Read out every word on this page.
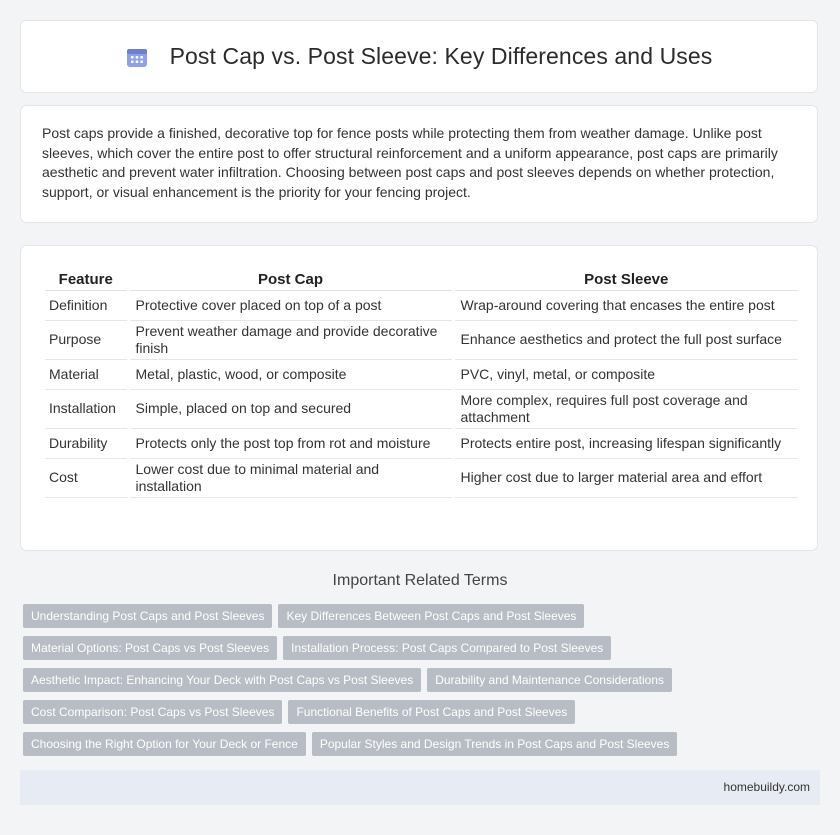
Post Cap vs. Post Sleeve: Key Differences and Uses

Post caps provide a finished, decorative top for fence posts while protecting them from weather damage. Unlike post sleeves, which cover the entire post to offer structural reinforcement and a uniform appearance, post caps are primarily aesthetic and prevent water infiltration. Choosing between post caps and post sleeves depends on whether protection, support, or visual enhancement is the priority for your fencing project.

Feature	Post Cap	Post Sleeve
Definition	Protective cover placed on top of a post	Wrap-around covering that encases the entire post
Purpose	Prevent weather damage and provide decorative finish	Enhance aesthetics and protect the full post surface
Material	Metal, plastic, wood, or composite	PVC, vinyl, metal, or composite
Installation	Simple, placed on top and secured	More complex, requires full post coverage and attachment
Durability	Protects only the post top from rot and moisture	Protects entire post, increasing lifespan significantly
Cost	Lower cost due to minimal material and installation	Higher cost due to larger material area and effort
Important Related Terms
Understanding Post Caps and Post Sleeves Key Differences Between Post Caps and Post Sleeves
Material Options: Post Caps vs Post Sleeves Installation Process: Post Caps Compared to Post Sleeves
Aesthetic Impact: Enhancing Your Deck with Post Caps vs Post Sleeves Durability and Maintenance Considerations
Cost Comparison: Post Caps vs Post Sleeves Functional Benefits of Post Caps and Post Sleeves
Choosing the Right Option for Your Deck or Fence Popular Styles and Design Trends in Post Caps and Post Sleeves
homebuildy.com
